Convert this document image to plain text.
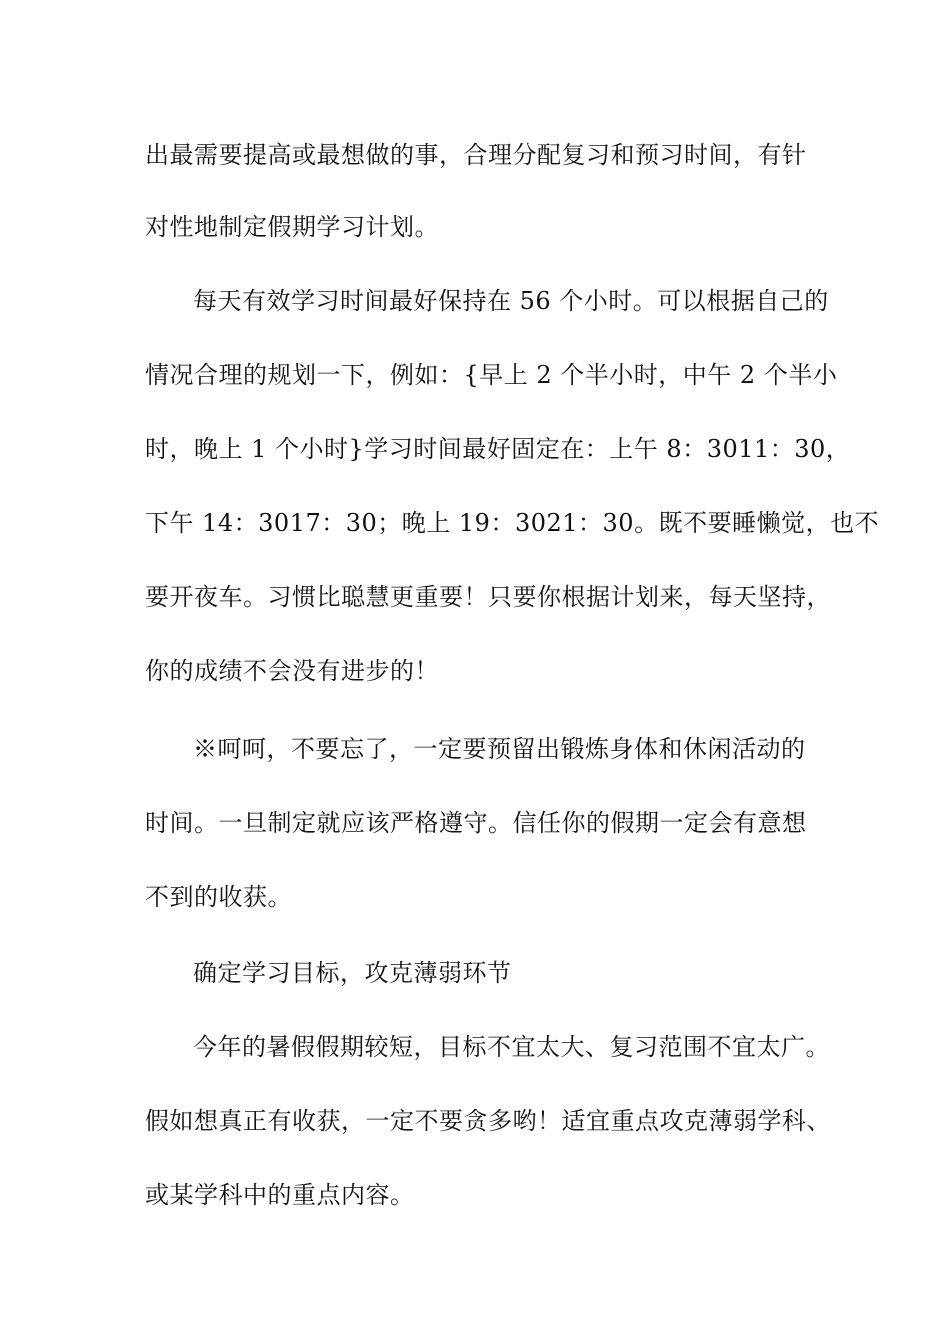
出最需要提高或最想做的事，合理分配复习和预习时间，有针
对性地制定假期学习计划。
每天有效学习时间最好保持在 56 个小时。可以根据自己的
情况合理的规划一下，例如：{早上 2 个半小时，中午 2 个半小
时，晚上 1 个小时}学习时间最好固定在：上午 8：3011：30，
下午 14：3017：30；晚上 19：3021：30。既不要睡懒觉，也不
要开夜车。习惯比聪慧更重要！只要你根据计划来，每天坚持，
你的成绩不会没有进步的！
※呵呵，不要忘了，一定要预留出锻炼身体和休闲活动的
时间。一旦制定就应该严格遵守。信任你的假期一定会有意想
不到的收获。
确定学习目标，攻克薄弱环节
今年的暑假假期较短，目标不宜太大、复习范围不宜太广。
假如想真正有收获，一定不要贪多哟！适宜重点攻克薄弱学科、
或某学科中的重点内容。
